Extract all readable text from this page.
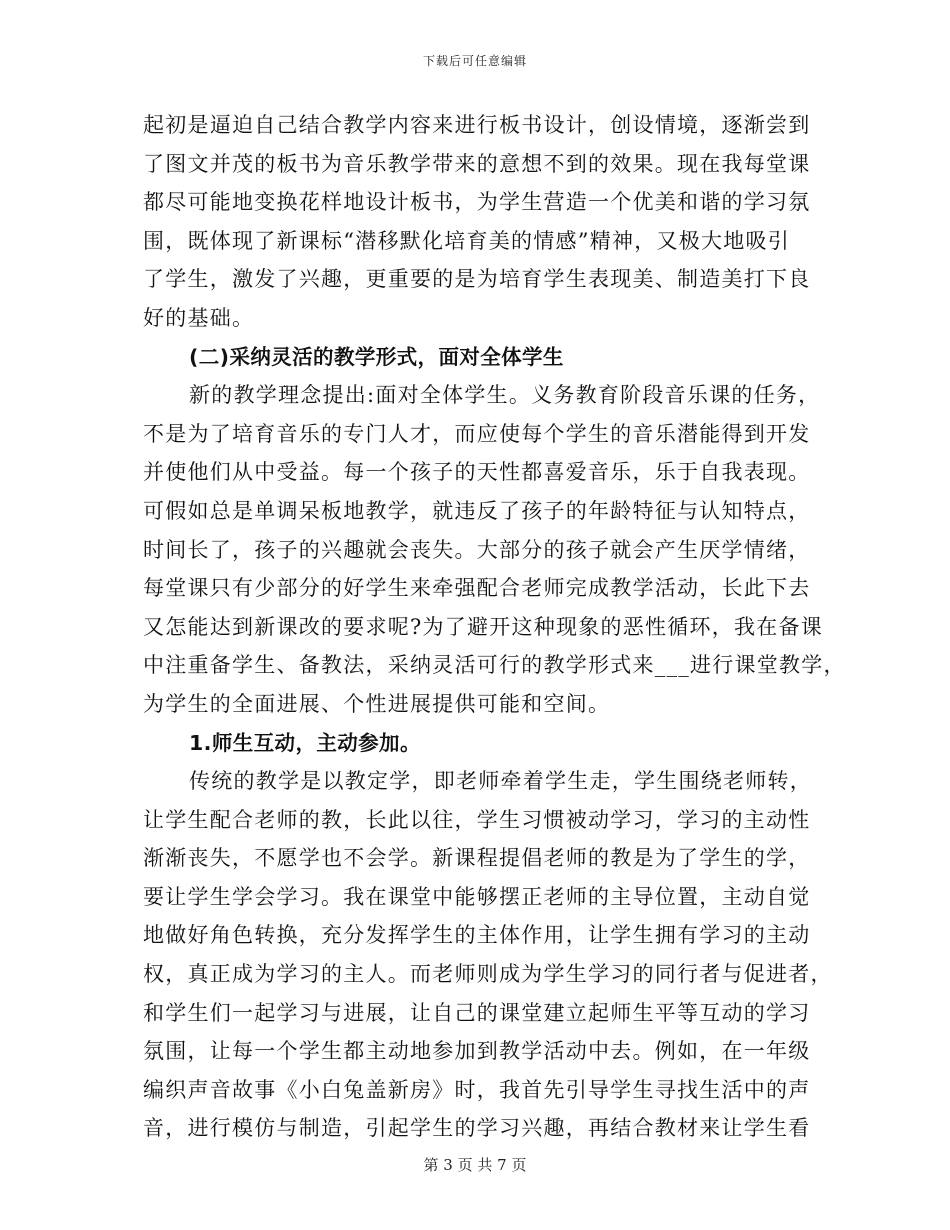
下载后可任意编辑
起初是逼迫自己结合教学内容来进行板书设计，创设情境，逐渐尝到
了图文并茂的板书为音乐教学带来的意想不到的效果。现在我每堂课
都尽可能地变换花样地设计板书，为学生营造一个优美和谐的学习氛
围，既体现了新课标“潜移默化培育美的情感”精神，又极大地吸引
了学生，激发了兴趣，更重要的是为培育学生表现美、制造美打下良
好的基础。
(二)采纳灵活的教学形式，面对全体学生
新的教学理念提出:面对全体学生。义务教育阶段音乐课的任务，
不是为了培育音乐的专门人才，而应使每个学生的音乐潜能得到开发
并使他们从中受益。每一个孩子的天性都喜爱音乐，乐于自我表现。
可假如总是单调呆板地教学，就违反了孩子的年龄特征与认知特点，
时间长了，孩子的兴趣就会丧失。大部分的孩子就会产生厌学情绪，
每堂课只有少部分的好学生来牵强配合老师完成教学活动，长此下去
又怎能达到新课改的要求呢?为了避开这种现象的恶性循环，我在备课
中注重备学生、备教法，采纳灵活可行的教学形式来___进行课堂教学，
为学生的全面进展、个性进展提供可能和空间。
1.师生互动，主动参加。
传统的教学是以教定学，即老师牵着学生走，学生围绕老师转，
让学生配合老师的教，长此以往，学生习惯被动学习，学习的主动性
渐渐丧失，不愿学也不会学。新课程提倡老师的教是为了学生的学，
要让学生学会学习。我在课堂中能够摆正老师的主导位置，主动自觉
地做好角色转换，充分发挥学生的主体作用，让学生拥有学习的主动
权，真正成为学习的主人。而老师则成为学生学习的同行者与促进者，
和学生们一起学习与进展，让自己的课堂建立起师生平等互动的学习
氛围，让每一个学生都主动地参加到教学活动中去。例如，在一年级
编织声音故事《小白兔盖新房》时，我首先引导学生寻找生活中的声
音，进行模仿与制造，引起学生的学习兴趣，再结合教材来让学生看
第 3 页 共 7 页
